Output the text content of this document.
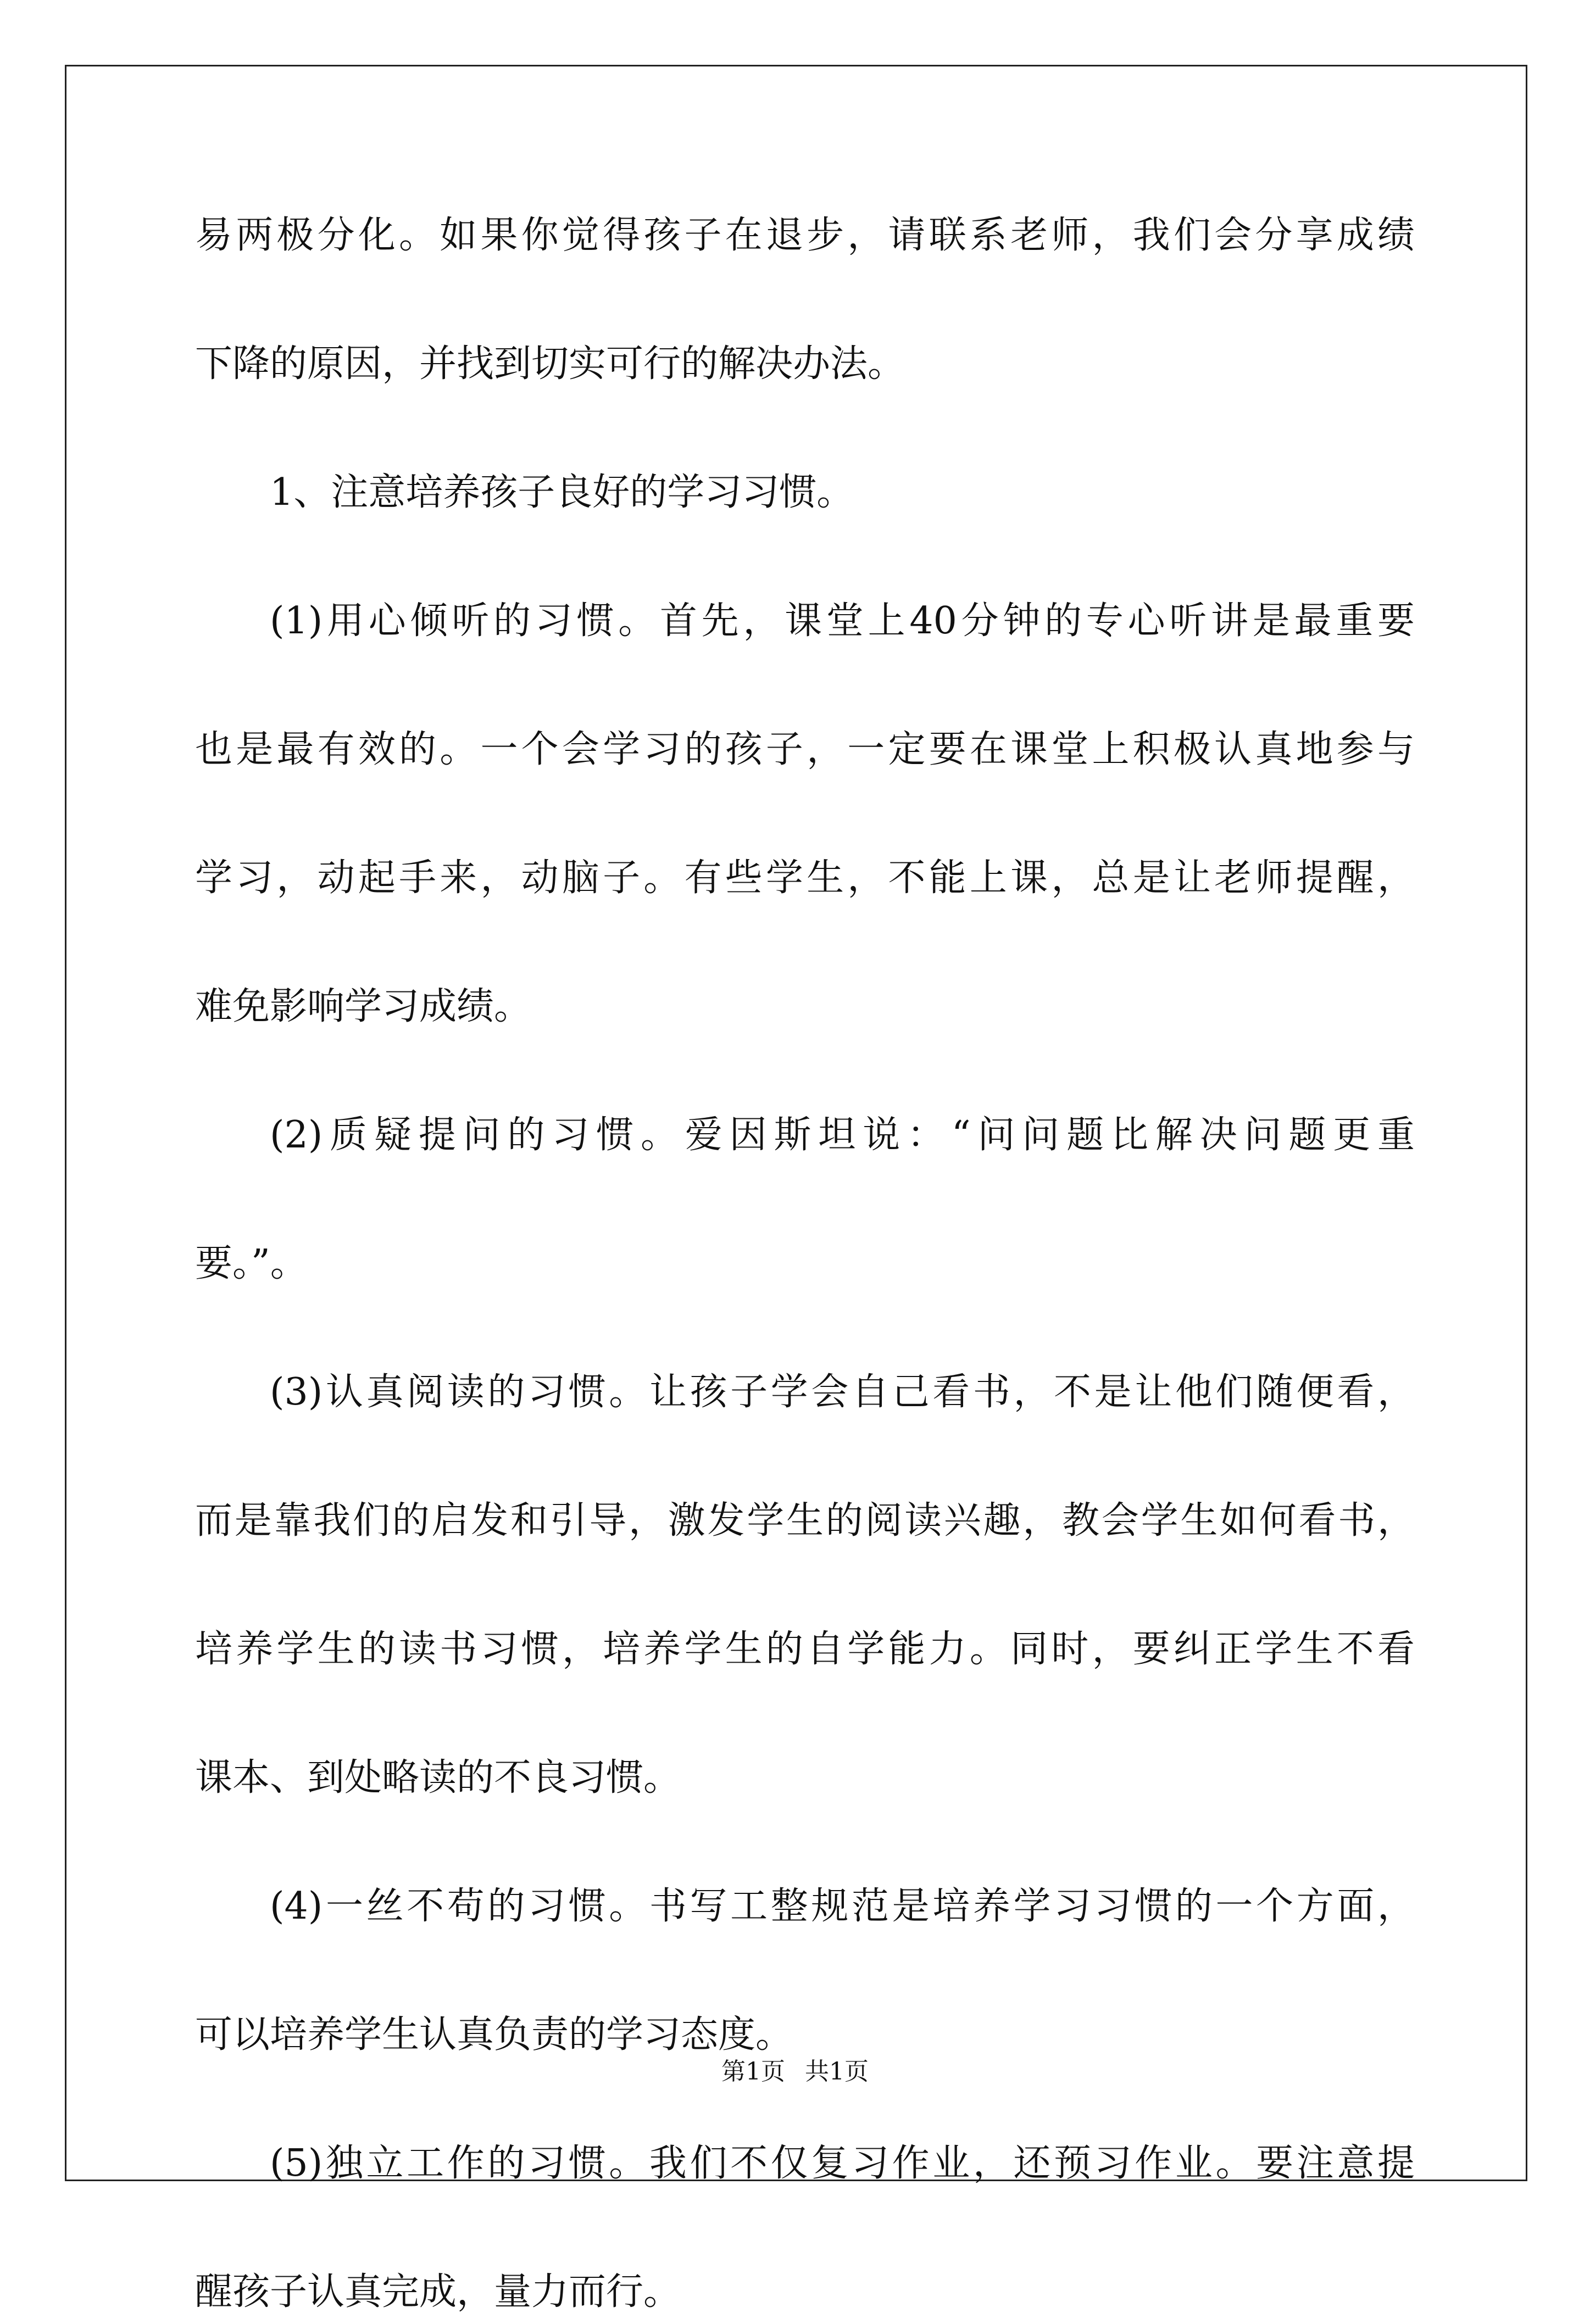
易两极分化。如果你觉得孩子在退步，请联系老师，我们会分享成绩
下降的原因，并找到切实可行的解决办法。
1、注意培养孩子良好的学习习惯。
(1)用心倾听的习惯。首先，课堂上40分钟的专心听讲是最重要
也是最有效的。一个会学习的孩子，一定要在课堂上积极认真地参与
学习，动起手来，动脑子。有些学生，不能上课，总是让老师提醒，
难免影响学习成绩。
(2)质疑提问的习惯。爱因斯坦说：“问问题比解决问题更重
要。”。
(3)认真阅读的习惯。让孩子学会自己看书，不是让他们随便看，
而是靠我们的启发和引导，激发学生的阅读兴趣，教会学生如何看书，
培养学生的读书习惯，培养学生的自学能力。同时，要纠正学生不看
课本、到处略读的不良习惯。
(4)一丝不苟的习惯。书写工整规范是培养学习习惯的一个方面，
可以培养学生认真负责的学习态度。
(5)独立工作的习惯。我们不仅复习作业，还预习作业。要注意提
醒孩子认真完成，量力而行。
第1页 共1页
